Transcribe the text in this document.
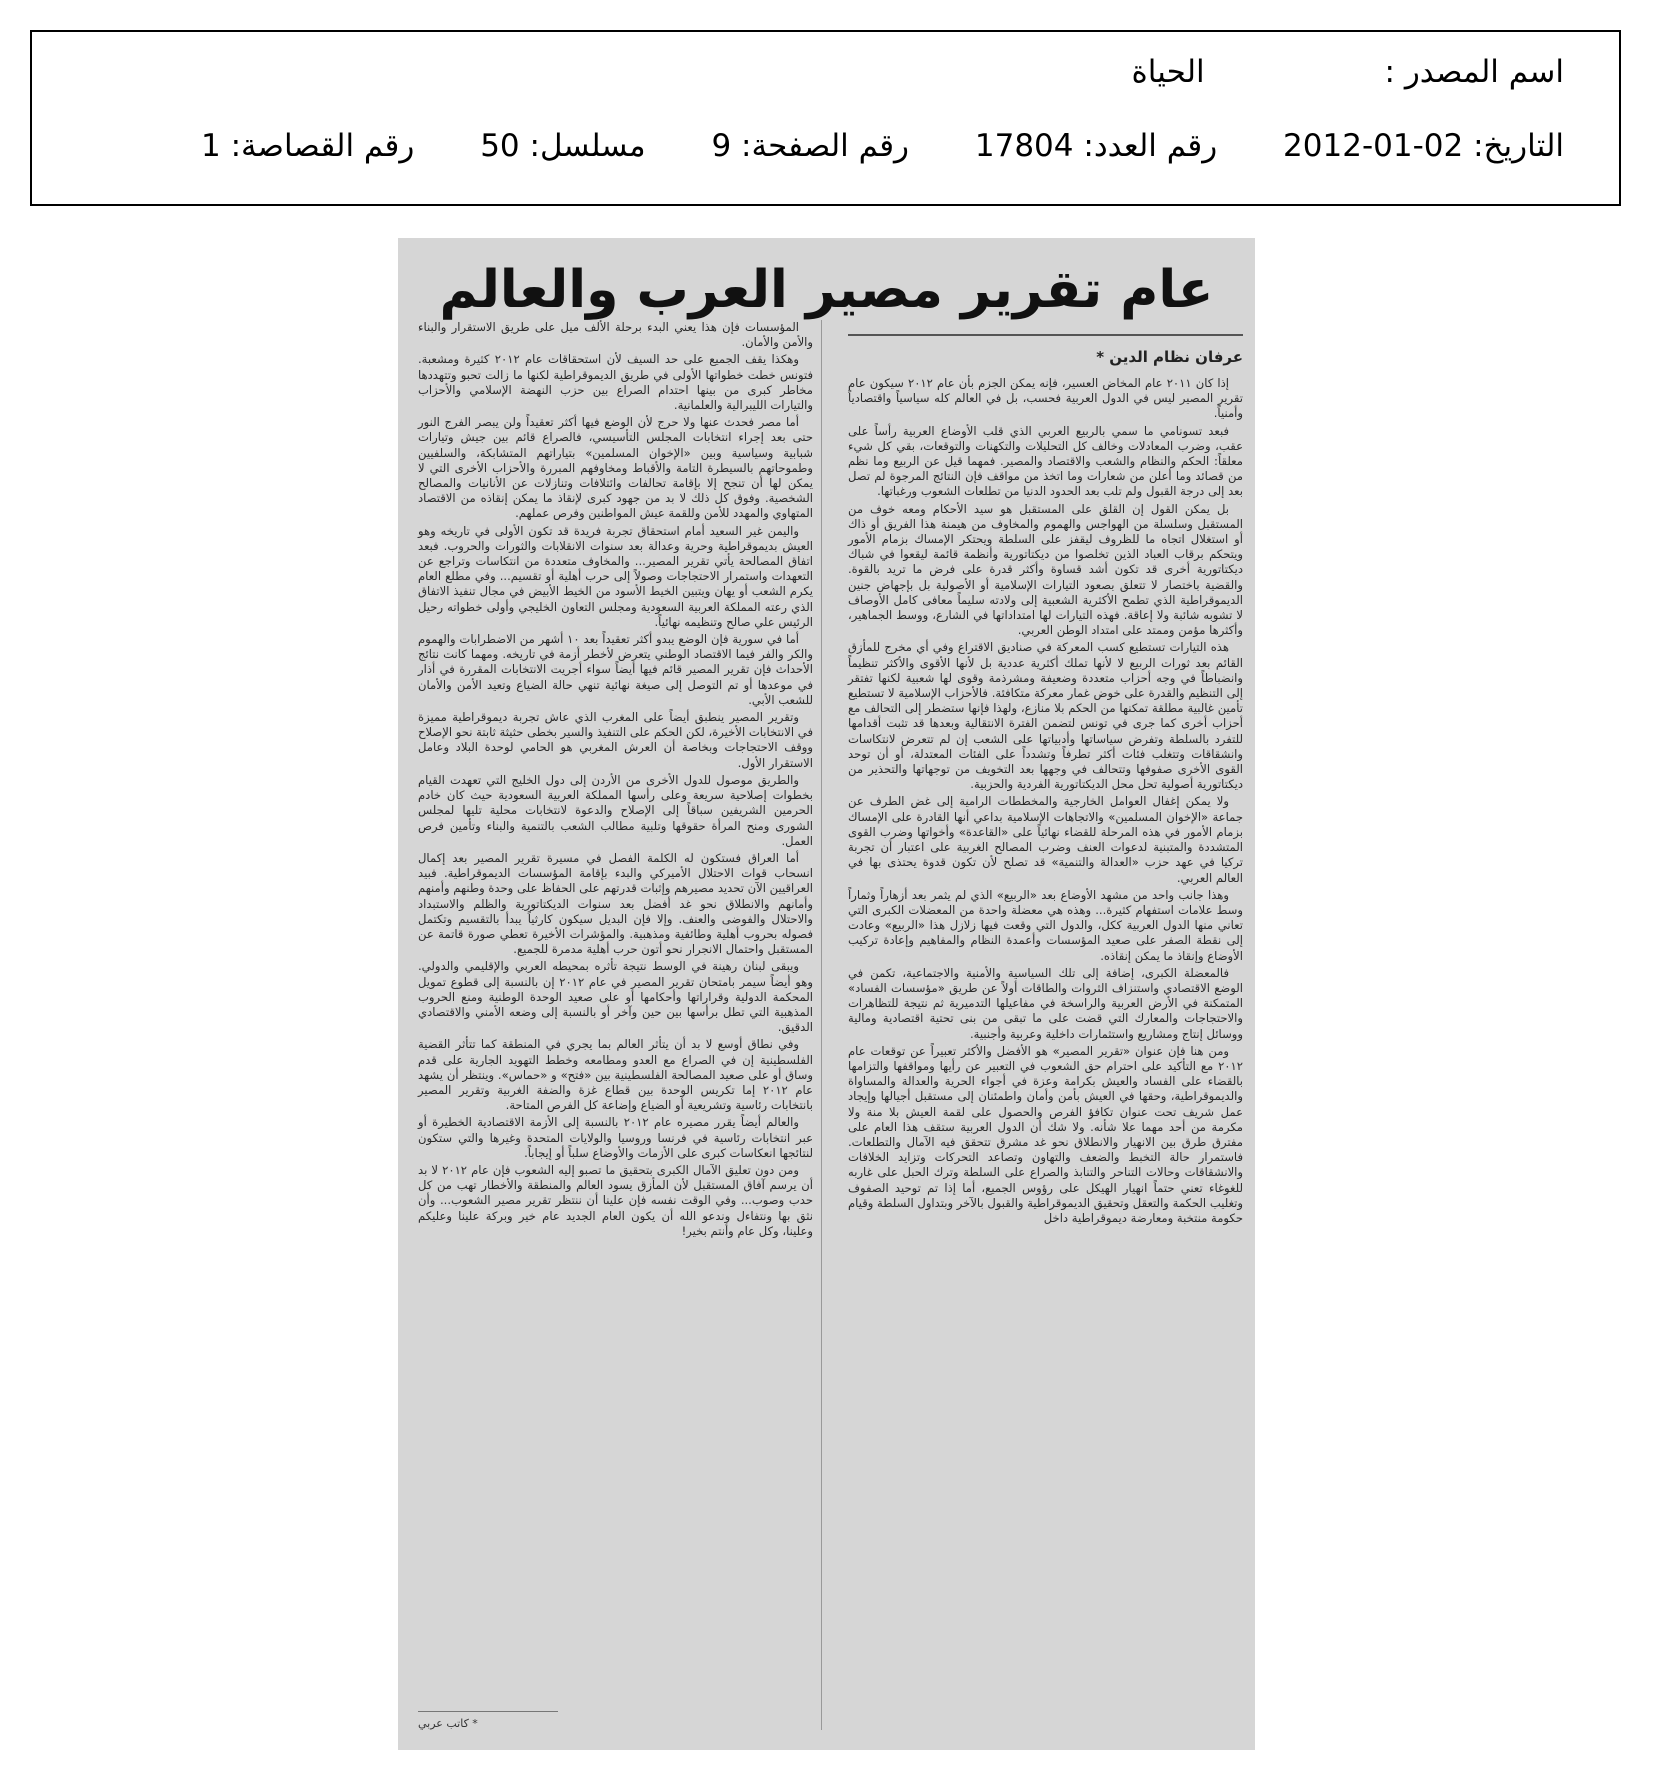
اسم المصدر : الحياة
التاريخ: 02-01-2012 رقم العدد: 17804 رقم الصفحة: 9 مسلسل: 50 رقم القصاصة: 1
عام تقرير مصير العرب والعالم
عرفان نظام الدين *

إذا كان ٢٠١١ عام المخاض العسير، فإنه يمكن الجزم بأن عام ٢٠١٢ سيكون عام تقرير المصير ليس في الدول العربية فحسب، بل في العالم كله سياسياً واقتصادياً وأمنياً.

فبعد تسونامي ما سمي بالربيع العربي الذي قلب الأوضاع العربية رأساً على عقب، وضرب المعادلات وخالف كل التحليلات والتكهنات والتوقعات، بقي كل شيء معلقاً: الحكم والنظام والشعب والاقتصاد والمصير. فمهما قيل عن الربيع وما نظم من قصائد وما أعلن من شعارات وما اتخذ من مواقف فإن النتائج المرجوة لم تصل بعد إلى درجة القبول ولم تلب بعد الحدود الدنيا من تطلعات الشعوب ورغباتها.

بل يمكن القول إن القلق على المستقبل هو سيد الأحكام ومعه خوف من المستقبل وسلسلة من الهواجس والهموم والمخاوف من هيمنة هذا الفريق أو ذاك أو استغلال اتجاه ما للظروف ليقفز على السلطة ويحتكر الإمساك بزمام الأمور ويتحكم برقاب العباد الذين تخلصوا من ديكتاتورية وأنظمة قائمة ليقعوا في شباك ديكتاتورية أخرى قد تكون أشد قساوة وأكثر قدرة على فرض ما تريد بالقوة. والقضية باختصار لا تتعلق بصعود التيارات الإسلامية أو الأصولية بل بإجهاض جنين الديموقراطية الذي تطمح الأكثرية الشعبية إلى ولادته سليماً معافى كامل الأوصاف لا تشوبه شائبة ولا إعاقة. فهذه التيارات لها امتداداتها في الشارع، ووسط الجماهير، وأكثرها مؤمن وممتد على امتداد الوطن العربي.

هذه التيارات تستطيع كسب المعركة في صناديق الاقتراع وفي أي مخرج للمأزق القائم بعد ثورات الربيع لا لأنها تملك أكثرية عددية بل لأنها الأقوى والأكثر تنظيماً وانضباطاً في وجه أحزاب متعددة وضعيفة ومشرذمة وقوى لها شعبية لكنها تفتقر إلى التنظيم والقدرة على خوض غمار معركة متكافئة. فالأحزاب الإسلامية لا تستطيع تأمين غالبية مطلقة تمكنها من الحكم بلا منازع، ولهذا فإنها ستضطر إلى التحالف مع أحزاب أخرى كما جرى في تونس لتضمن الفترة الانتقالية وبعدها قد تثبت أقدامها للتفرد بالسلطة وتفرض سياساتها وأدبياتها على الشعب إن لم تتعرض لانتكاسات وانشقاقات وتتغلب فئات أكثر تطرفاً وتشدداً على الفئات المعتدلة، أو أن توحد القوى الأخرى صفوفها وتتحالف في وجهها بعد التخويف من توجهاتها والتحذير من ديكتاتورية أصولية تحل محل الديكتاتورية الفردية والحزبية.

ولا يمكن إغفال العوامل الخارجية والمخططات الرامية إلى غض الطرف عن جماعة «الإخوان المسلمين» والاتجاهات الإسلامية بداعي أنها القادرة على الإمساك بزمام الأمور في هذه المرحلة للقضاء نهائياً على «القاعدة» وأخواتها وضرب القوى المتشددة والمتبنية لدعوات العنف وضرب المصالح الغربية على اعتبار أن تجربة تركيا في عهد حزب «العدالة والتنمية» قد تصلح لأن تكون قدوة يحتذى بها في العالم العربي.

وهذا جانب واحد من مشهد الأوضاع بعد «الربيع» الذي لم يثمر بعد أزهاراً وثماراً وسط علامات استفهام كثيرة... وهذه هي معضلة واحدة من المعضلات الكبرى التي تعاني منها الدول العربية ككل، والدول التي وقعت فيها زلازل هذا «الربيع» وعادت إلى نقطة الصفر على صعيد المؤسسات وأعمدة النظام والمفاهيم وإعادة تركيب الأوضاع وإنقاذ ما يمكن إنقاذه.

فالمعضلة الكبرى، إضافة إلى تلك السياسية والأمنية والاجتماعية، تكمن في الوضع الاقتصادي واستنزاف الثروات والطاقات أولاً عن طريق «مؤسسات الفساد» المتمكنة في الأرض العربية والراسخة في مفاعيلها التدميرية ثم نتيجة للتظاهرات والاحتجاجات والمعارك التي قضت على ما تبقى من بنى تحتية اقتصادية ومالية ووسائل إنتاج ومشاريع واستثمارات داخلية وعربية وأجنبية.

ومن هنا فإن عنوان «تقرير المصير» هو الأفضل والأكثر تعبيراً عن توقعات عام ٢٠١٢ مع التأكيد على احترام حق الشعوب في التعبير عن رأيها ومواقفها والتزامها بالقضاء على الفساد والعيش بكرامة وعزة في أجواء الحرية والعدالة والمساواة والديموقراطية، وحقها في العيش بأمن وأمان واطمئنان إلى مستقبل أجيالها وإيجاد عمل شريف تحت عنوان تكافؤ الفرص والحصول على لقمة العيش بلا منة ولا مكرمة من أحد مهما علا شأنه. ولا شك أن الدول العربية ستقف هذا العام على مفترق طرق بين الانهيار والانطلاق نحو غد مشرق تتحقق فيه الآمال والتطلعات. فاستمرار حالة التخبط والضعف والتهاون وتصاعد التحركات وتزايد الخلافات والانشقاقات وحالات التناحر والتنابذ والصراع على السلطة وترك الحبل على غاربه للغوغاء تعني حتماً انهيار الهيكل على رؤوس الجميع، أما إذا تم توحيد الصفوف وتغليب الحكمة والتعقل وتحقيق الديموقراطية والقبول بالآخر وبتداول السلطة وقيام حكومة منتخبة ومعارضة ديموقراطية داخل

المؤسسات فإن هذا يعني البدء برحلة الألف ميل على طريق الاستقرار والبناء والأمن والأمان.

وهكذا يقف الجميع على حد السيف لأن استحقاقات عام ٢٠١٢ كثيرة ومشعبة. فتونس خطت خطواتها الأولى في طريق الديموقراطية لكنها ما زالت تحبو وتتهددها مخاطر كبرى من بينها احتدام الصراع بين حزب النهضة الإسلامي والأحزاب والتيارات الليبرالية والعلمانية.

أما مصر فحدث عنها ولا حرج لأن الوضع فيها أكثر تعقيداً ولن يبصر الفرج النور حتى بعد إجراء انتخابات المجلس التأسيسي، فالصراع قائم بين جيش وتيارات شبابية وسياسية وبين «الإخوان المسلمين» بتياراتهم المتشابكة، والسلفيين وطموحاتهم بالسيطرة التامة والأقباط ومخاوفهم المبررة والأحزاب الأخرى التي لا يمكن لها أن تنجح إلا بإقامة تحالفات وائتلافات وتنازلات عن الأنانيات والمصالح الشخصية. وفوق كل ذلك لا بد من جهود كبرى لإنقاذ ما يمكن إنقاذه من الاقتصاد المتهاوي والمهدد للأمن وللقمة عيش المواطنين وفرص عملهم.

واليمن غير السعيد أمام استحقاق تجربة فريدة قد تكون الأولى في تاريخه وهو العيش بديموقراطية وحرية وعدالة بعد سنوات الانقلابات والثورات والحروب. فبعد اتفاق المصالحة يأتي تقرير المصير... والمخاوف متعددة من انتكاسات وتراجع عن التعهدات واستمرار الاحتجاجات وصولاً إلى حرب أهلية أو تقسيم... وفي مطلع العام يكرم الشعب أو يهان ويتبين الخيط الأسود من الخيط الأبيض في مجال تنفيذ الاتفاق الذي رعته المملكة العربية السعودية ومجلس التعاون الخليجي وأولى خطواته رحيل الرئيس علي صالح وتنظيمه نهائياً.

أما في سورية فإن الوضع يبدو أكثر تعقيداً بعد ١٠ أشهر من الاضطرابات والهموم والكر والفر فيما الاقتصاد الوطني يتعرض لأخطر أزمة في تاريخه. ومهما كانت نتائج الأحداث فإن تقرير المصير قائم فيها أيضاً سواء أجريت الانتخابات المقررة في أذار في موعدها أو تم التوصل إلى صيغة نهائية تنهي حالة الضياع وتعيد الأمن والأمان للشعب الأبي.

وتقرير المصير ينطبق أيضاً على المغرب الذي عاش تجربة ديموقراطية مميزة في الانتخابات الأخيرة، لكن الحكم على التنفيذ والسير بخطى حثيثة ثابتة نحو الإصلاح ووقف الاحتجاجات وبخاصة أن العرش المغربي هو الحامي لوحدة البلاد وعامل الاستقرار الأول.

والطريق موصول للدول الأخرى من الأردن إلى دول الخليج التي تعهدت القيام بخطوات إصلاحية سريعة وعلى رأسها المملكة العربية السعودية حيث كان خادم الحرمين الشريفين سباقاً إلى الإصلاح والدعوة لانتخابات محلية تليها لمجلس الشورى ومنح المرأة حقوقها وتلبية مطالب الشعب بالتنمية والبناء وتأمين فرص العمل.

أما العراق فستكون له الكلمة الفصل في مسيرة تقرير المصير بعد إكمال انسحاب قوات الاحتلال الأميركي والبدء بإقامة المؤسسات الديموقراطية. فبيد العراقيين الآن تحديد مصيرهم وإثبات قدرتهم على الحفاظ على وحدة وطنهم وأمنهم وأمانهم والانطلاق نحو غد أفضل بعد سنوات الديكتاتورية والظلم والاستبداد والاحتلال والفوضى والعنف. وإلا فإن البديل سيكون كارثياً يبدأ بالتقسيم وتكتمل فصوله بحروب أهلية وطائفية ومذهبية. والمؤشرات الأخيرة تعطي صورة قاتمة عن المستقبل واحتمال الانجرار نحو أتون حرب أهلية مدمرة للجميع.

ويبقى لبنان رهينة في الوسط نتيجة تأثره بمحيطه العربي والإقليمي والدولي. وهو أيضاً سيمر بامتحان تقرير المصير في عام ٢٠١٢ إن بالنسبة إلى قطوع تمويل المحكمة الدولية وقراراتها وأحكامها أو على صعيد الوحدة الوطنية ومنع الحروب المذهبية التي تطل برأسها بين حين وآخر أو بالنسبة إلى وضعه الأمني والاقتصادي الدقيق.

وفي نطاق أوسع لا بد أن يتأثر العالم بما يجري في المنطقة كما تتأثر القضية الفلسطينية إن في الصراع مع العدو ومطامعه وخطط التهويد الجارية على قدم وساق أو على صعيد المصالحة الفلسطينية بين «فتح» و «حماس». وينتظر أن يشهد عام ٢٠١٢ إما تكريس الوحدة بين قطاع غزة والضفة الغربية وتقرير المصير بانتخابات رئاسية وتشريعية أو الضياع وإضاعة كل الفرص المتاحة.

والعالم أيضاً يقرر مصيره عام ٢٠١٢ بالنسبة إلى الأزمة الاقتصادية الخطيرة أو عبر انتخابات رئاسية في فرنسا وروسيا والولايات المتحدة وغيرها والتي ستكون لنتائجها انعكاسات كبرى على الأزمات والأوضاع سلباً أو إيجاباً.

ومن دون تعليق الآمال الكبرى بتحقيق ما تصبو إليه الشعوب فإن عام ٢٠١٢ لا بد أن يرسم آفاق المستقبل لأن المأزق يسود العالم والمنطقة والأخطار تهب من كل حدب وصوب... وفي الوقت نفسه فإن علينا أن ننتظر تقرير مصير الشعوب... وأن نثق بها ونتفاءل وندعو الله أن يكون العام الجديد عام خير وبركة علينا وعليكم وعلينا، وكل عام وأنتم بخير!

* كاتب عربي
